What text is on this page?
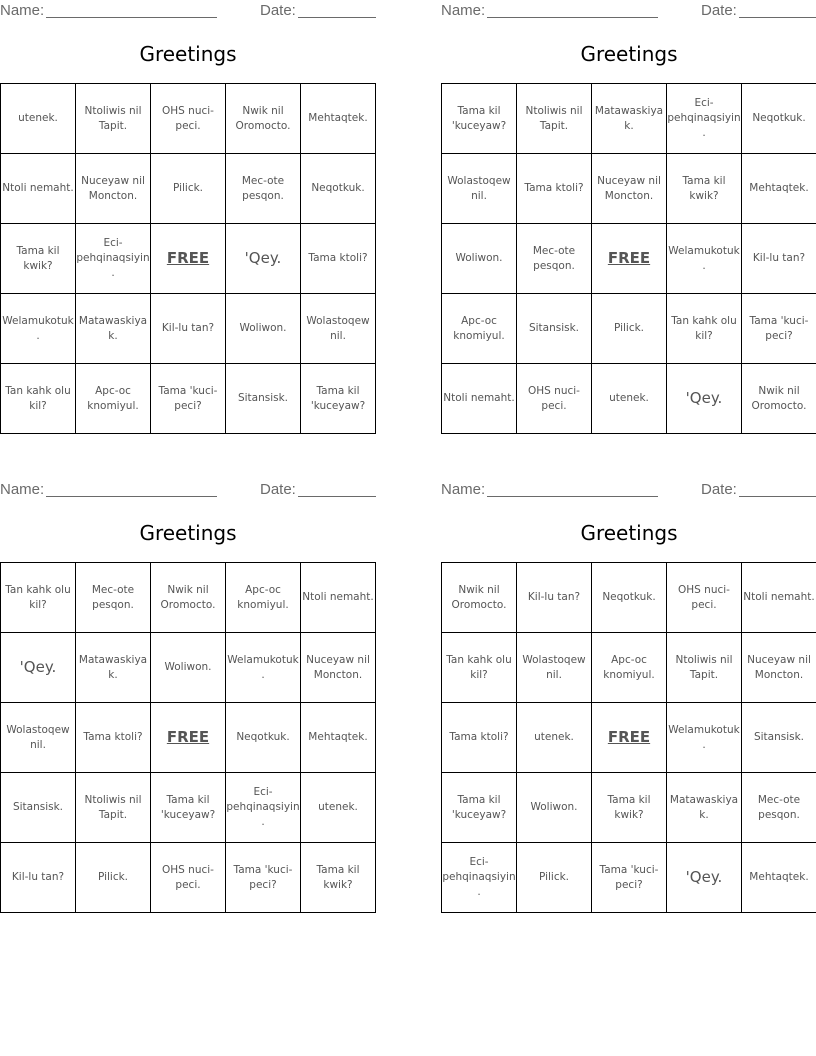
Name:	Date:
Greetings
utenek.	Ntoliwis nil Tapit.	OHS nuci-peci.	Nwik nil Oromocto.	Mehtaqtek.
Ntoli nemaht.	Nuceyaw nil Moncton.	Pilick.	Mec-ote pesqon.	Neqotkuk.
Tama kil kwik?	Eci-pehqinaqsiyin.	FREE	'Qey.	Tama ktoli?
Welamukotuk.	Matawaskiyak.	Kil-lu tan?	Woliwon.	Wolastoqew nil.
Tan kahk olu kil?	Apc-oc knomiyul.	Tama 'kuci-peci?	Sitansisk.	Tama kil 'kuceyaw?
Name:	Date:
Greetings
Tama kil 'kuceyaw?	Ntoliwis nil Tapit.	Matawaskiyak.	Eci-pehqinaqsiyin.	Neqotkuk.
Wolastoqew nil.	Tama ktoli?	Nuceyaw nil Moncton.	Tama kil kwik?	Mehtaqtek.
Woliwon.	Mec-ote pesqon.	FREE	Welamukotuk.	Kil-lu tan?
Apc-oc knomiyul.	Sitansisk.	Pilick.	Tan kahk olu kil?	Tama 'kuci-peci?
Ntoli nemaht.	OHS nuci-peci.	utenek.	'Qey.	Nwik nil Oromocto.
Name:	Date:
Greetings
Tan kahk olu kil?	Mec-ote pesqon.	Nwik nil Oromocto.	Apc-oc knomiyul.	Ntoli nemaht.
'Qey.	Matawaskiyak.	Woliwon.	Welamukotuk.	Nuceyaw nil Moncton.
Wolastoqew nil.	Tama ktoli?	FREE	Neqotkuk.	Mehtaqtek.
Sitansisk.	Ntoliwis nil Tapit.	Tama kil 'kuceyaw?	Eci-pehqinaqsiyin.	utenek.
Kil-lu tan?	Pilick.	OHS nuci-peci.	Tama 'kuci-peci?	Tama kil kwik?
Name:	Date:
Greetings
Nwik nil Oromocto.	Kil-lu tan?	Neqotkuk.	OHS nuci-peci.	Ntoli nemaht.
Tan kahk olu kil?	Wolastoqew nil.	Apc-oc knomiyul.	Ntoliwis nil Tapit.	Nuceyaw nil Moncton.
Tama ktoli?	utenek.	FREE	Welamukotuk.	Sitansisk.
Tama kil 'kuceyaw?	Woliwon.	Tama kil kwik?	Matawaskiyak.	Mec-ote pesqon.
Eci-pehqinaqsiyin.	Pilick.	Tama 'kuci-peci?	'Qey.	Mehtaqtek.
